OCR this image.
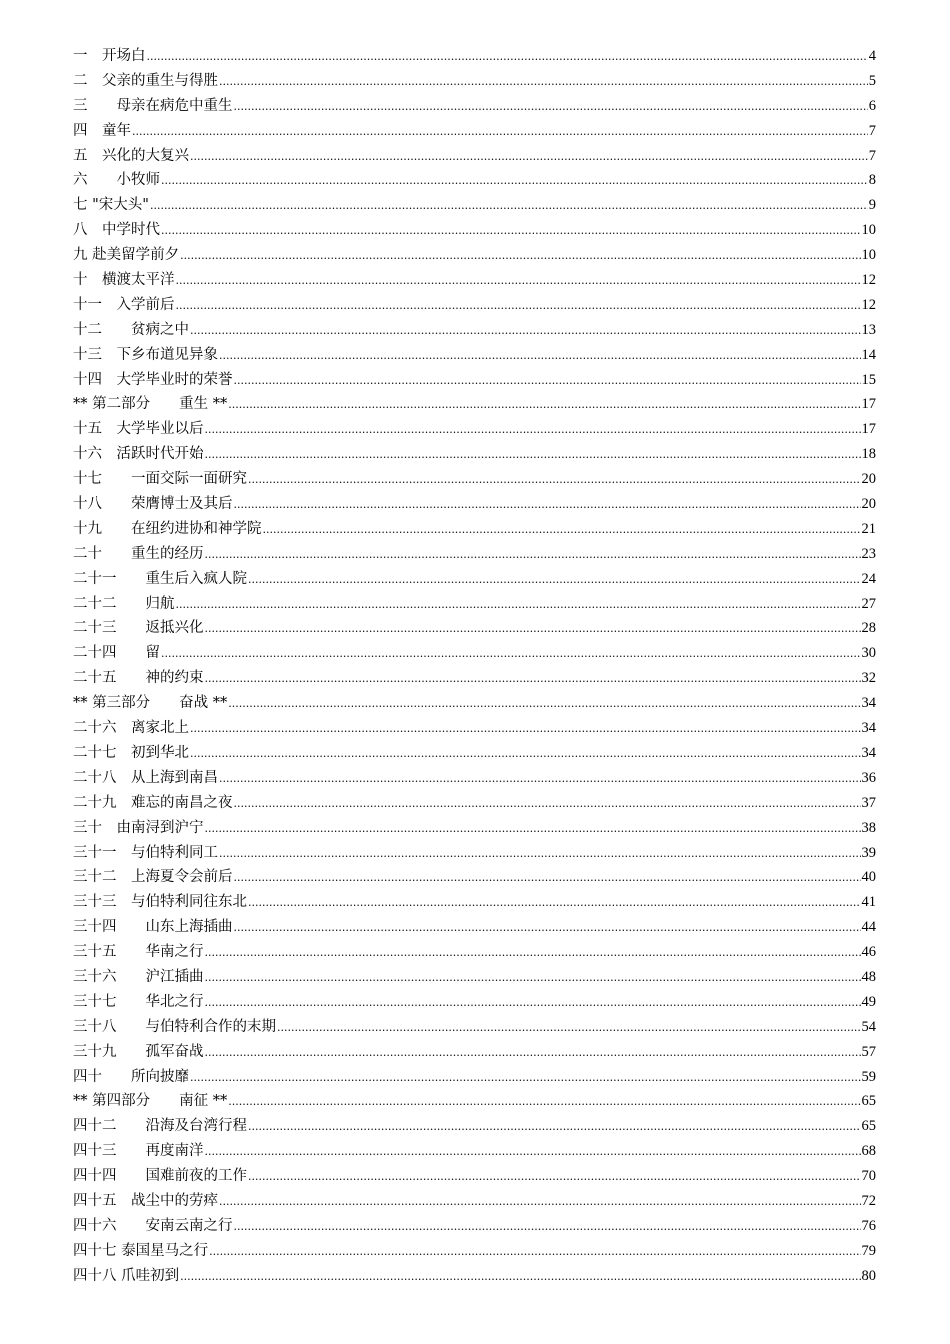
一　开场白 .....	4
二　父亲的重生与得胜 .....	5
三　　母亲在病危中重生 .....	6
四　童年 .....	7
五　兴化的大复兴 .....	7
六　　小牧师 .....	8
七 "宋大头" .....	9
八　中学时代 .....	10
九 赴美留学前夕 .....	10
十　横渡太平洋 .....	12
十一　入学前后 .....	12
十二　　贫病之中 .....	13
十三　下乡布道见异象 .....	14
十四　大学毕业时的荣誉 .....	15
** 第二部分　　重生 ** .....	17
十五　大学毕业以后 .....	17
十六　活跃时代开始 .....	18
十七　　一面交际一面研究 .....	20
十八　　荣膺博士及其后 .....	20
十九　　在纽约进协和神学院 .....	21
二十　　重生的经历 .....	23
二十一　　重生后入疯人院 .....	24
二十二　　归航 .....	27
二十三　　返抵兴化 .....	28
二十四　　留 .....	30
二十五　　神的约束 .....	32
** 第三部分　　奋战 ** .....	34
二十六　离家北上 .....	34
二十七　初到华北 .....	34
二十八　从上海到南昌 .....	36
二十九　难忘的南昌之夜 .....	37
三十　由南浔到沪宁 .....	38
三十一　与伯特利同工 .....	39
三十二　上海夏令会前后 .....	40
三十三　与伯特利同往东北 .....	41
三十四　　山东上海插曲 .....	44
三十五　　华南之行 .....	46
三十六　　沪江插曲 .....	48
三十七　　华北之行 .....	49
三十八　　与伯特利合作的末期 .....	54
三十九　　孤军奋战 .....	57
四十　　所向披靡 .....	59
** 第四部分　　南征 ** .....	65
四十二　　沿海及台湾行程 .....	65
四十三　　再度南洋 .....	68
四十四　　国难前夜的工作 .....	70
四十五　战尘中的劳瘁 .....	72
四十六　　安南云南之行 .....	76
四十七 泰国星马之行 .....	79
四十八 爪哇初到 .....	80
